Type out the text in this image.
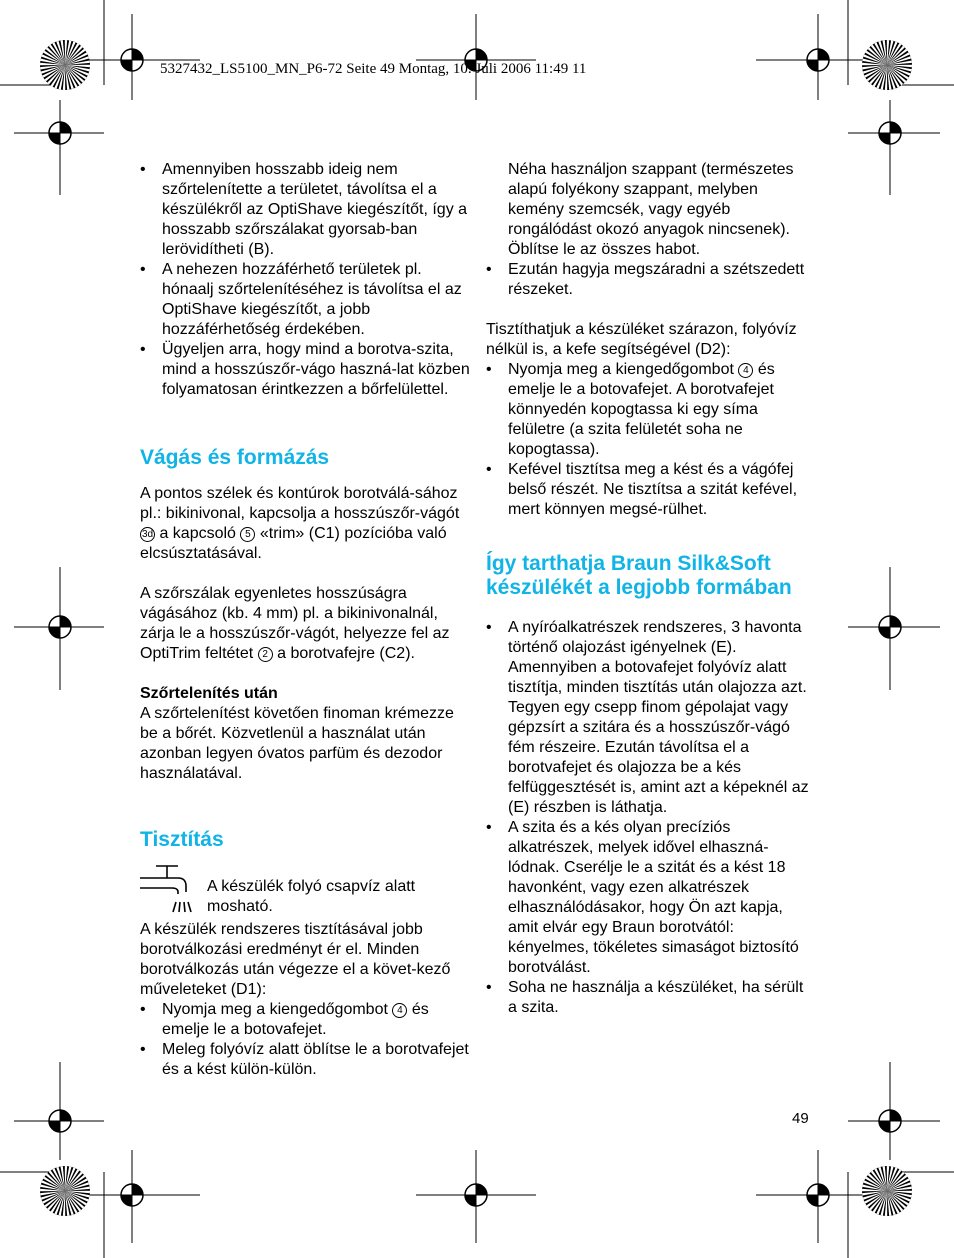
5327432_LS5100_MN_P6-72 Seite 49 Montag, 10. Juli 2006 11:49 11
• Amennyiben hosszabb ideig nem szőrtelenítette a területet, távolítsa el a készülékről az OptiShave kiegészítőt, így a hosszabb szőrszálakat gyorsab-ban lerövidítheti (B).
• A nehezen hozzáférhető területek pl. hónaalj szőrtelenítéséhez is távolítsa el az OptiShave kiegészítőt, a jobb hozzáférhetőség érdekében.
• Ügyeljen arra, hogy mind a borotva-szita, mind a hosszúszőr-vágo haszná-lat közben folyamatosan érintkezzen a bőrfelülettel.
Vágás és formázás

A pontos szélek és kontúrok borotválá-sához pl.: bikinivonal, kapcsolja a hosszúszőr-vágót 3d a kapcsoló 5 «trim» (C1) pozícióba való elcsúsztatásával.

A szőrszálak egyenletes hosszúságra vágásához (kb. 4 mm) pl. a bikinivonalnál, zárja le a hosszúszőr-vágót, helyezze fel az OptiTrim feltétet 2 a borotvafejre (C2).

Szőrtelenítés után

A szőrtelenítést követően finoman krémezze be a bőrét. Közvetlenül a használat után azonban legyen óvatos parfüm és dezodor használatával.

Tisztítás

A készülék folyó csapvíz alatt mosható.

A készülék rendszeres tisztításával jobb borotválkozási eredményt ér el. Minden borotválkozás után végezze el a követ-kező műveleteket (D1):

• Nyomja meg a kiengedőgombot 4 és emelje le a botovafejet.
• Meleg folyóvíz alatt öblítse le a borotvafejet és a kést külön-külön.

Néha használjon szappant (természetes alapú folyékony szappant, melyben kemény szemcsék, vagy egyéb rongálódást okozó anyagok nincsenek). Öblítse le az összes habot.

• Ezután hagyja megszáradni a szétszedett részeket.

Tisztíthatjuk a készüléket szárazon, folyóvíz nélkül is, a kefe segítségével (D2):

• Nyomja meg a kiengedőgombot 4 és emelje le a botovafejet. A borotvafejet könnyedén kopogtassa ki egy síma felületre (a szita felületét soha ne kopogtassa).
• Kefével tisztítsa meg a kést és a vágófej belső részét. Ne tisztítsa a szitát kefével, mert könnyen megsé-rülhet.
Így tarthatja Braun Silk&Soft készülékét a legjobb formában
• A nyíróalkatrészek rendszeres, 3 havonta történő olajozást igényelnek (E). Amennyiben a botovafejet folyóvíz alatt tisztítja, minden tisztítás után olajozza azt. Tegyen egy csepp finom gépolajat vagy gépzsírt a szitára és a hosszúszőr-vágó fém részeire. Ezután távolítsa el a borotvafejet és olajozza be a kés felfüggesztését is, amint azt a képeknél az (E) részben is láthatja.
• A szita és a kés olyan precíziós alkatrészek, melyek idővel elhaszná-lódnak. Cserélje le a szitát és a kést 18 havonként, vagy ezen alkatrészek elhasználódásakor, hogy Ön azt kapja, amit elvár egy Braun borotvától: kényelmes, tökéletes simaságot biztosító borotválást.
• Soha ne használja a készüléket, ha sérült a szita.
49
